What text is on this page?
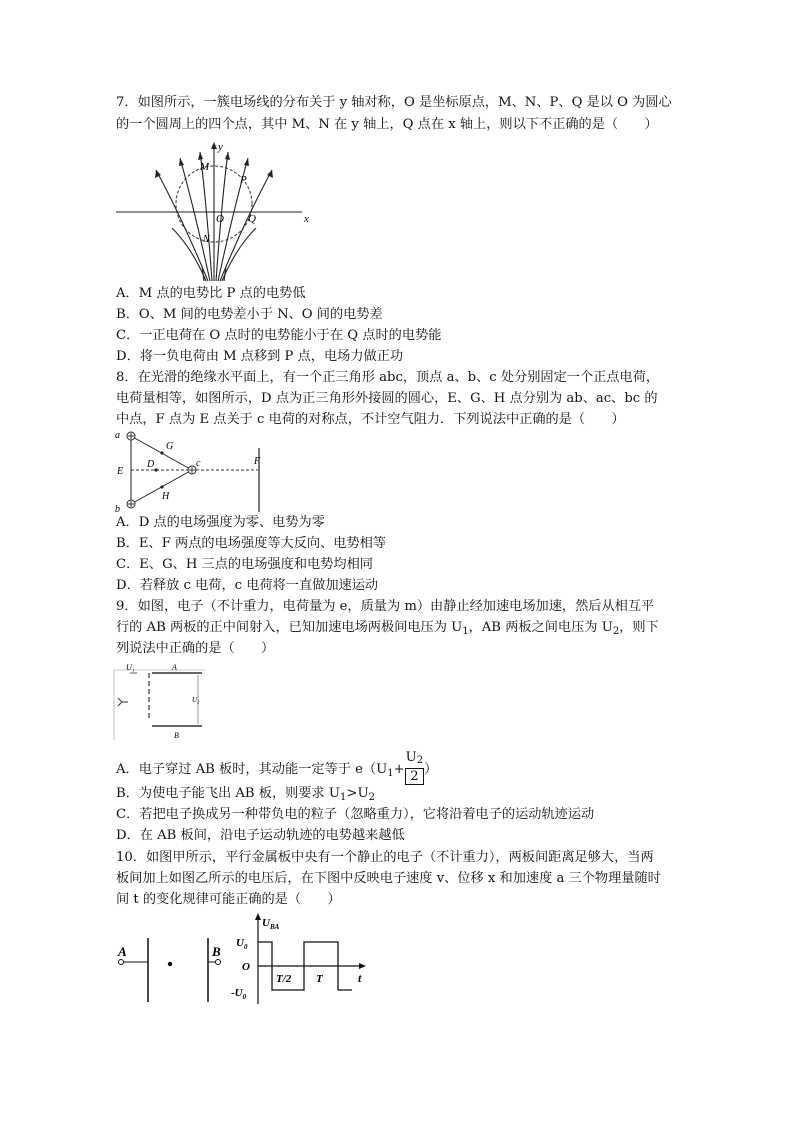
7．如图所示，一簇电场线的分布关于 y 轴对称，O 是坐标原点，M、N、P、Q 是以 O 为圆心
的一个圆周上的四个点，其中 M、N 在 y 轴上，Q 点在 x 轴上，则以下不正确的是（　　）
y
x
M
P
O Q
N
A．M 点的电势比 P 点的电势低
B．O、M 间的电势差小于 N、O 间的电势差
C．一正电荷在 O 点时的电势能小于在 Q 点时的电势能
D．将一负电荷由 M 点移到 P 点，电场力做正功
8．在光滑的绝缘水平面上，有一个正三角形 abc，顶点 a、b、c 处分别固定一个正点电荷，
电荷量相等，如图所示，D 点为正三角形外接圆的圆心，E、G、H 点分别为 ab、ac、bc 的
中点，F 点为 E 点关于 c 电荷的对称点，不计空气阻力．下列说法中正确的是（　　）
a
b
c
G
D
E
H
F
A．D 点的电场强度为零、电势为零
B．E、F 两点的电场强度等大反向、电势相等
C．E、G、H 三点的电场强度和电势均相同
D．若释放 c 电荷，c 电荷将一直做加速运动
9．如图，电子（不计重力，电荷量为 e，质量为 m）由静止经加速电场加速，然后从相互平
行的 AB 两板的正中间射入，已知加速电场两极间电压为 $U_1$，AB 两板之间电压为 $U_2$，则下
列说法中正确的是（　　）
U₁	A
B
U₂
A．电子穿过 AB 板时，其动能一定等于 $e(U_1+ \frac{U_2}{2}$ ）
B．为使电子能飞出 AB 板，则要求 $U_1>U_2$
C．若把电子换成另一种带负电的粒子（忽略重力），它将沿着电子的运动轨迹运动
D．在 AB 板间，沿电子运动轨迹的电势越来越低
10．如图甲所示，平行金属板中央有一个静止的电子（不计重力），两板间距离足够大，当两
板间加上如图乙所示的电压后，在下图中反映电子速度 v、位移 x 和加速度 a 三个物理量随时
间 t 的变化规律可能正确的是（　　）
A	B
$U_{BA}$
$U_0$
O
$-U_0$
T/2 T	t
